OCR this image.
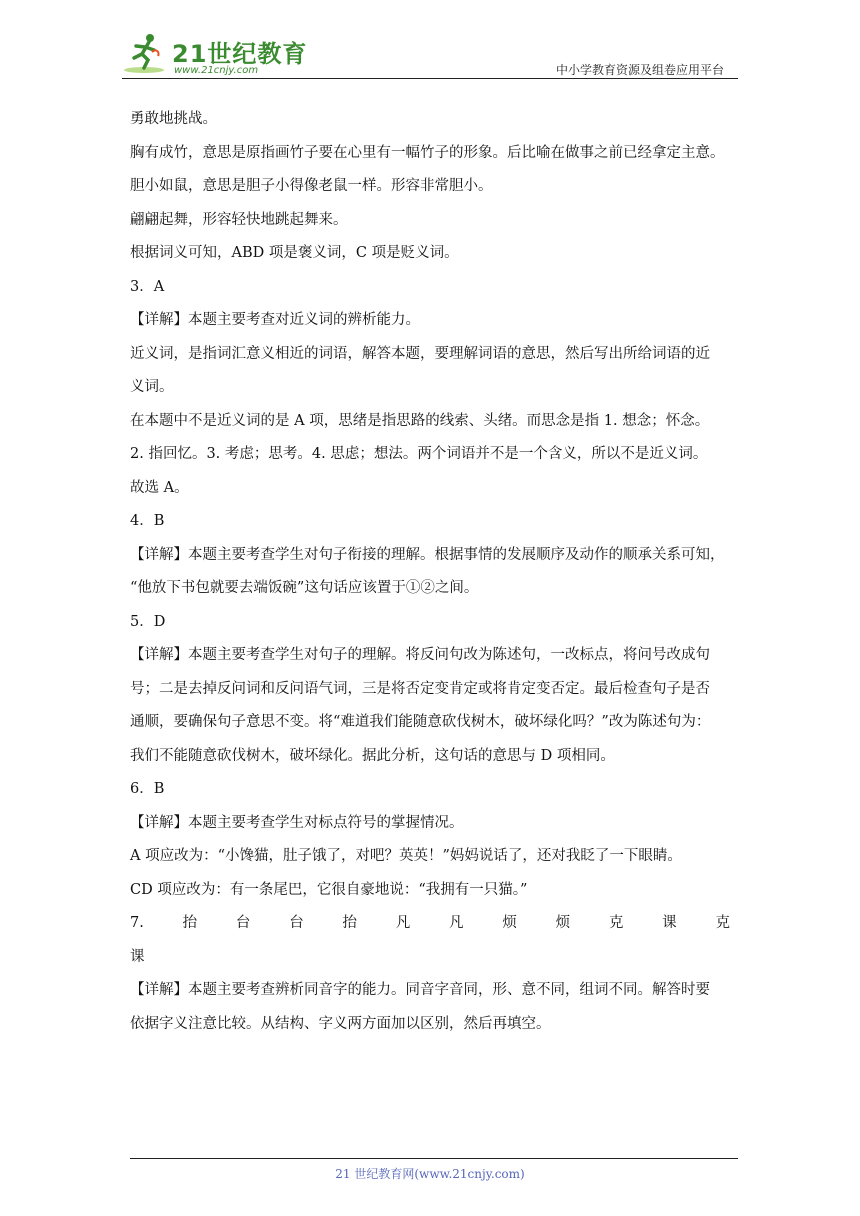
21世纪教育
www.21cnjy.com	中小学教育资源及组卷应用平台
勇敢地挑战。
胸有成竹，意思是原指画竹子要在心里有一幅竹子的形象。后比喻在做事之前已经拿定主意。
胆小如鼠，意思是胆子小得像老鼠一样。形容非常胆小。
翩翩起舞，形容轻快地跳起舞来。
根据词义可知，ABD 项是褒义词，C 项是贬义词。
3．A
【详解】本题主要考查对近义词的辨析能力。
近义词，是指词汇意义相近的词语，解答本题，要理解词语的意思，然后写出所给词语的近
义词。
在本题中不是近义词的是 A 项，思绪是指思路的线索、头绪。而思念是指 1. 想念；怀念。
2. 指回忆。3. 考虑；思考。4. 思虑；想法。两个词语并不是一个含义，所以不是近义词。
故选 A。
4．B
【详解】本题主要考查学生对句子衔接的理解。根据事情的发展顺序及动作的顺承关系可知，
“他放下书包就要去端饭碗”这句话应该置于①②之间。
5．D
【详解】本题主要考查学生对句子的理解。将反问句改为陈述句，一改标点，将问号改成句
号；二是去掉反问词和反问语气词，三是将否定变肯定或将肯定变否定。最后检查句子是否
通顺，要确保句子意思不变。将“难道我们能随意砍伐树木，破坏绿化吗？”改为陈述句为：
我们不能随意砍伐树木，破坏绿化。据此分析，这句话的意思与 D 项相同。
6．B
【详解】本题主要考查学生对标点符号的掌握情况。
A 项应改为：“小馋猫，肚子饿了，对吧？英英！”妈妈说话了，还对我眨了一下眼睛。
CD 项应改为：有一条尾巴，它很自豪地说：“我拥有一只猫。”
7.	抬	台	台	抬	凡	凡	烦	烦	克	课	克
课
【详解】本题主要考查辨析同音字的能力。同音字音同，形、意不同，组词不同。解答时要
依据字义注意比较。从结构、字义两方面加以区别，然后再填空。
21 世纪教育网(www.21cnjy.com)
